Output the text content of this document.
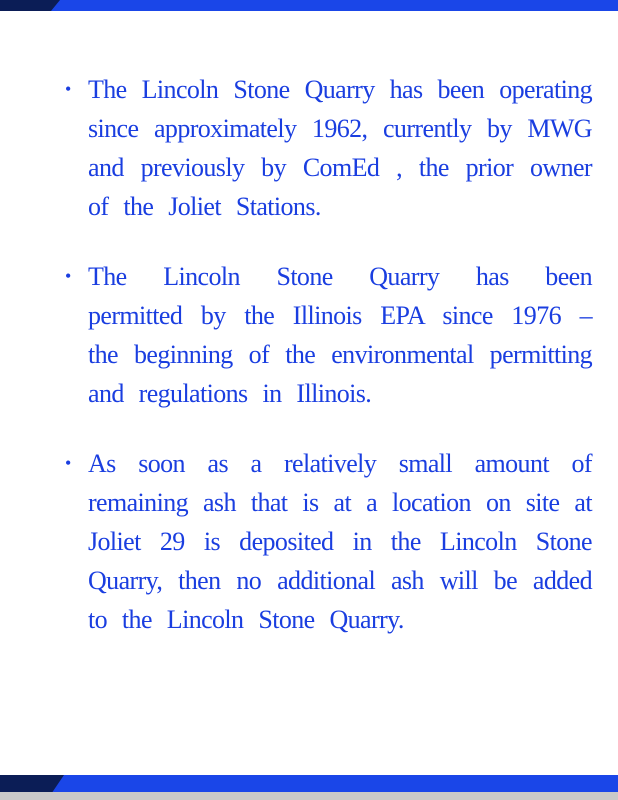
• The Lincoln Stone Quarry has been operating since approximately 1962, currently by MWG and previously by ComEd , the prior owner of the Joliet Stations.
• The Lincoln Stone Quarry has been permitted by the Illinois EPA since 1976 – the beginning of the environmental permitting and regulations in Illinois.
• As soon as a relatively small amount of remaining ash that is at a location on site at Joliet 29 is deposited in the Lincoln Stone Quarry, then no additional ash will be added to the Lincoln Stone Quarry.
